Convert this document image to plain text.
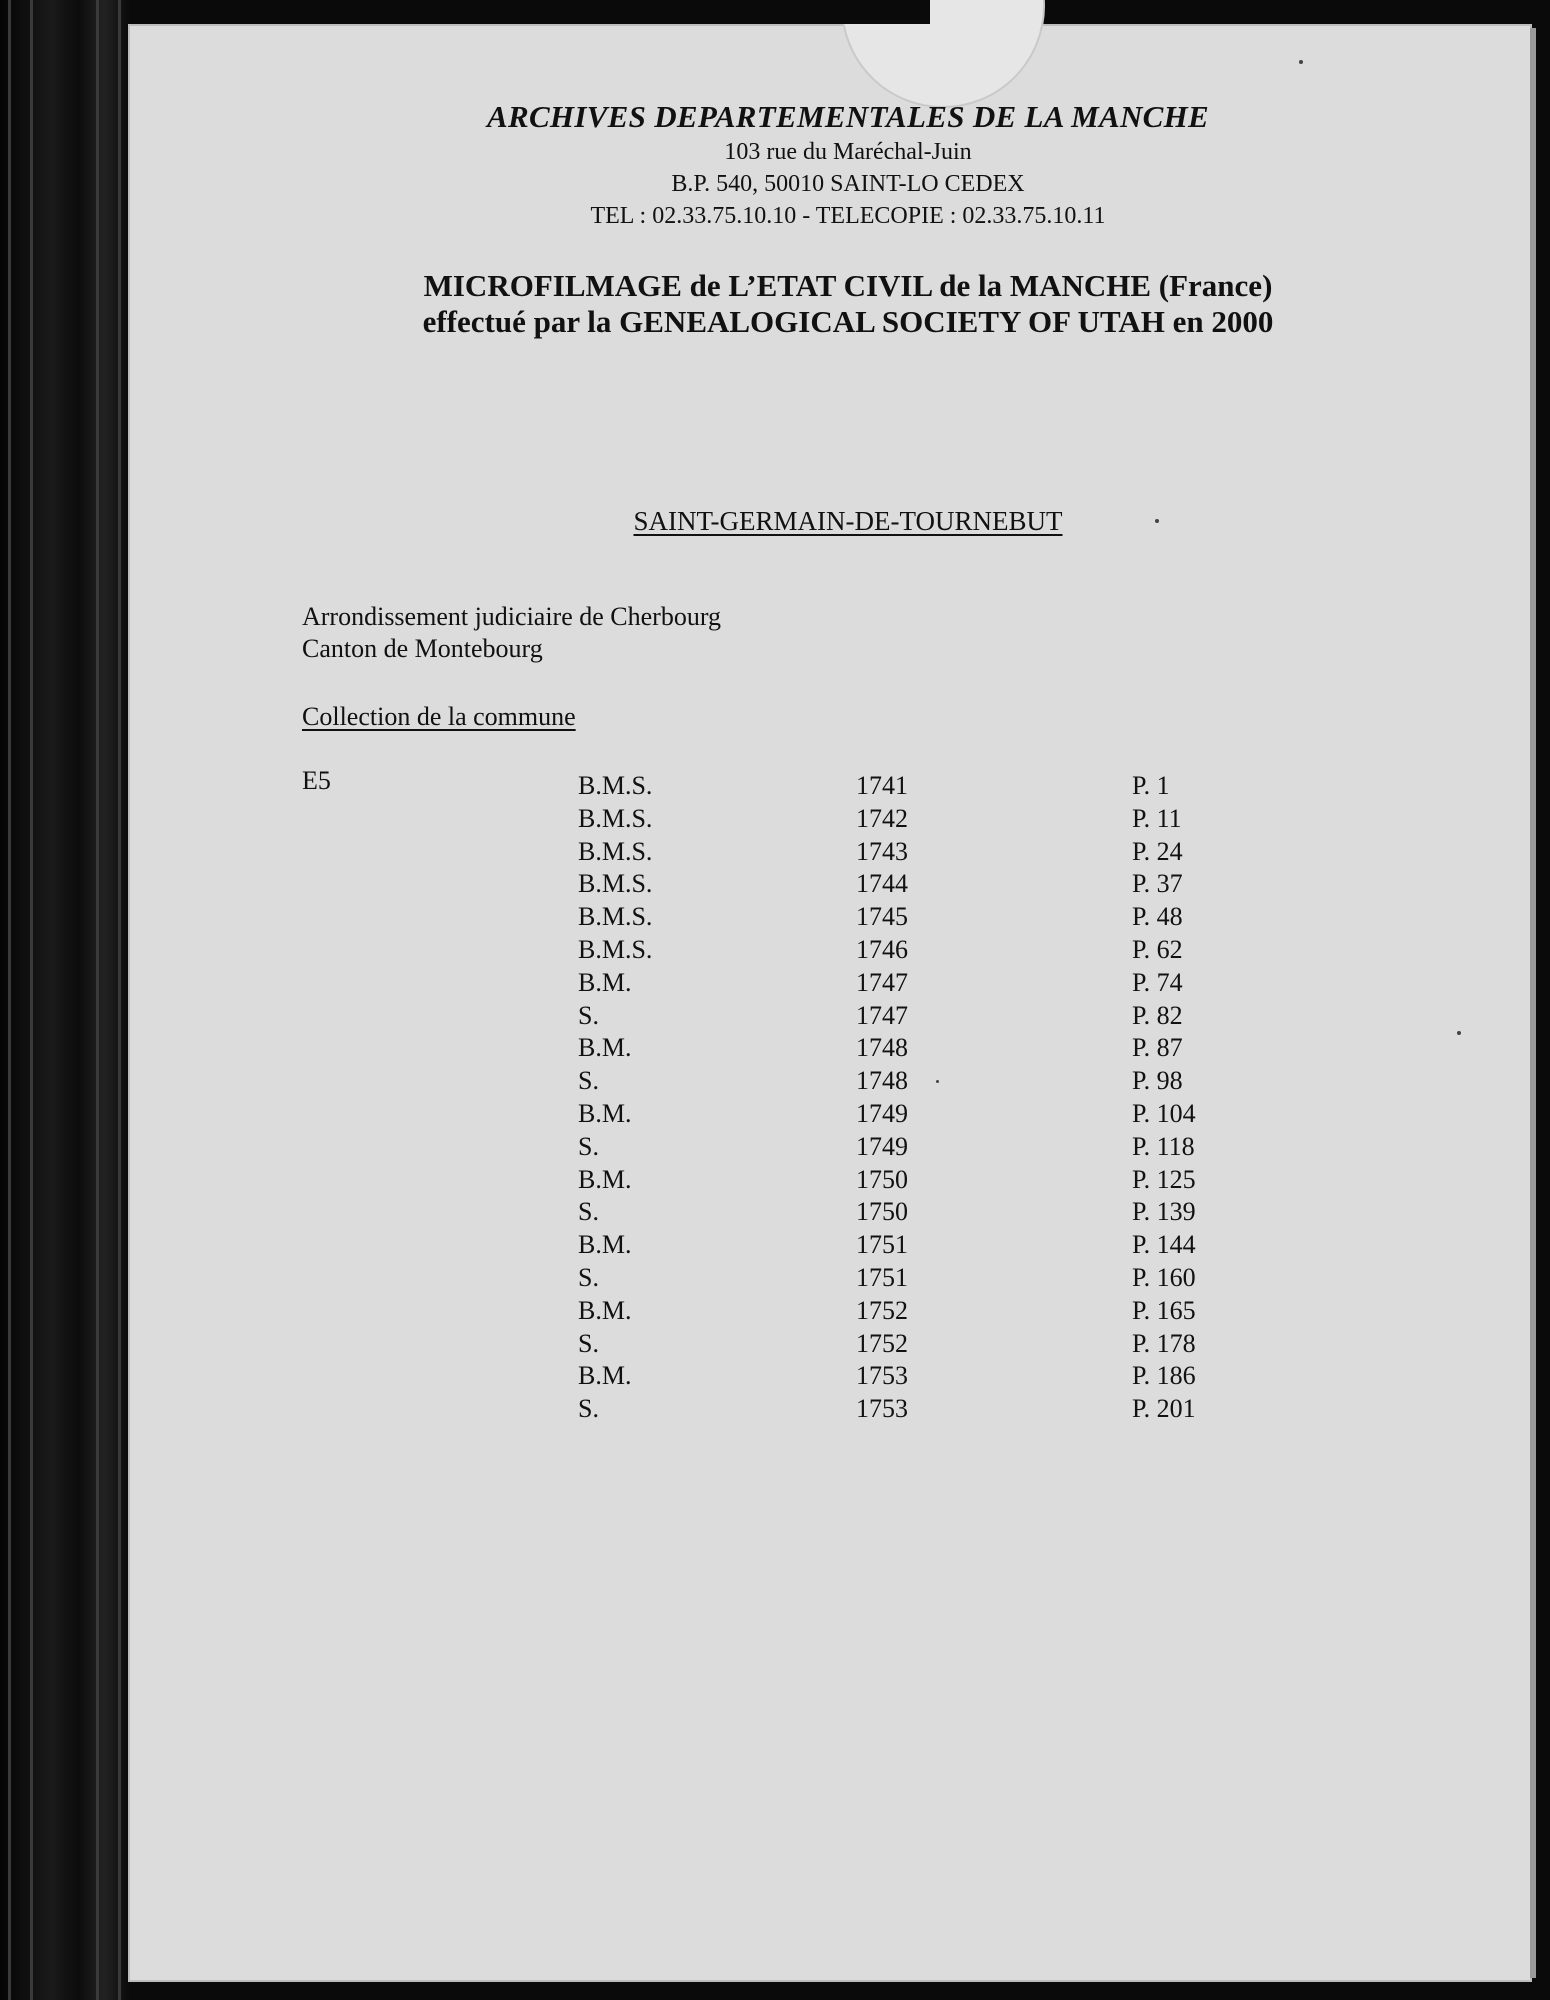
ARCHIVES DEPARTEMENTALES DE LA MANCHE
103 rue du Maréchal-Juin
B.P. 540, 50010 SAINT-LO CEDEX
TEL : 02.33.75.10.10 - TELECOPIE : 02.33.75.10.11
MICROFILMAGE de L’ETAT CIVIL de la MANCHE (France)
effectué par la GENEALOGICAL SOCIETY OF UTAH en 2000
SAINT-GERMAIN-DE-TOURNEBUT
Arrondissement judiciaire de Cherbourg
Canton de Montebourg
Collection de la commune
E5	B.M.S.	1741	P. 1
B.M.S.	1742	P. 11
B.M.S.	1743	P. 24
B.M.S.	1744	P. 37
B.M.S.	1745	P. 48
B.M.S.	1746	P. 62
B.M.	1747	P. 74
S.	1747	P. 82
B.M.	1748	P. 87
S.	1748	P. 98
B.M.	1749	P. 104
S.	1749	P. 118
B.M.	1750	P. 125
S.	1750	P. 139
B.M.	1751	P. 144
S.	1751	P. 160
B.M.	1752	P. 165
S.	1752	P. 178
B.M.	1753	P. 186
S.	1753	P. 201
